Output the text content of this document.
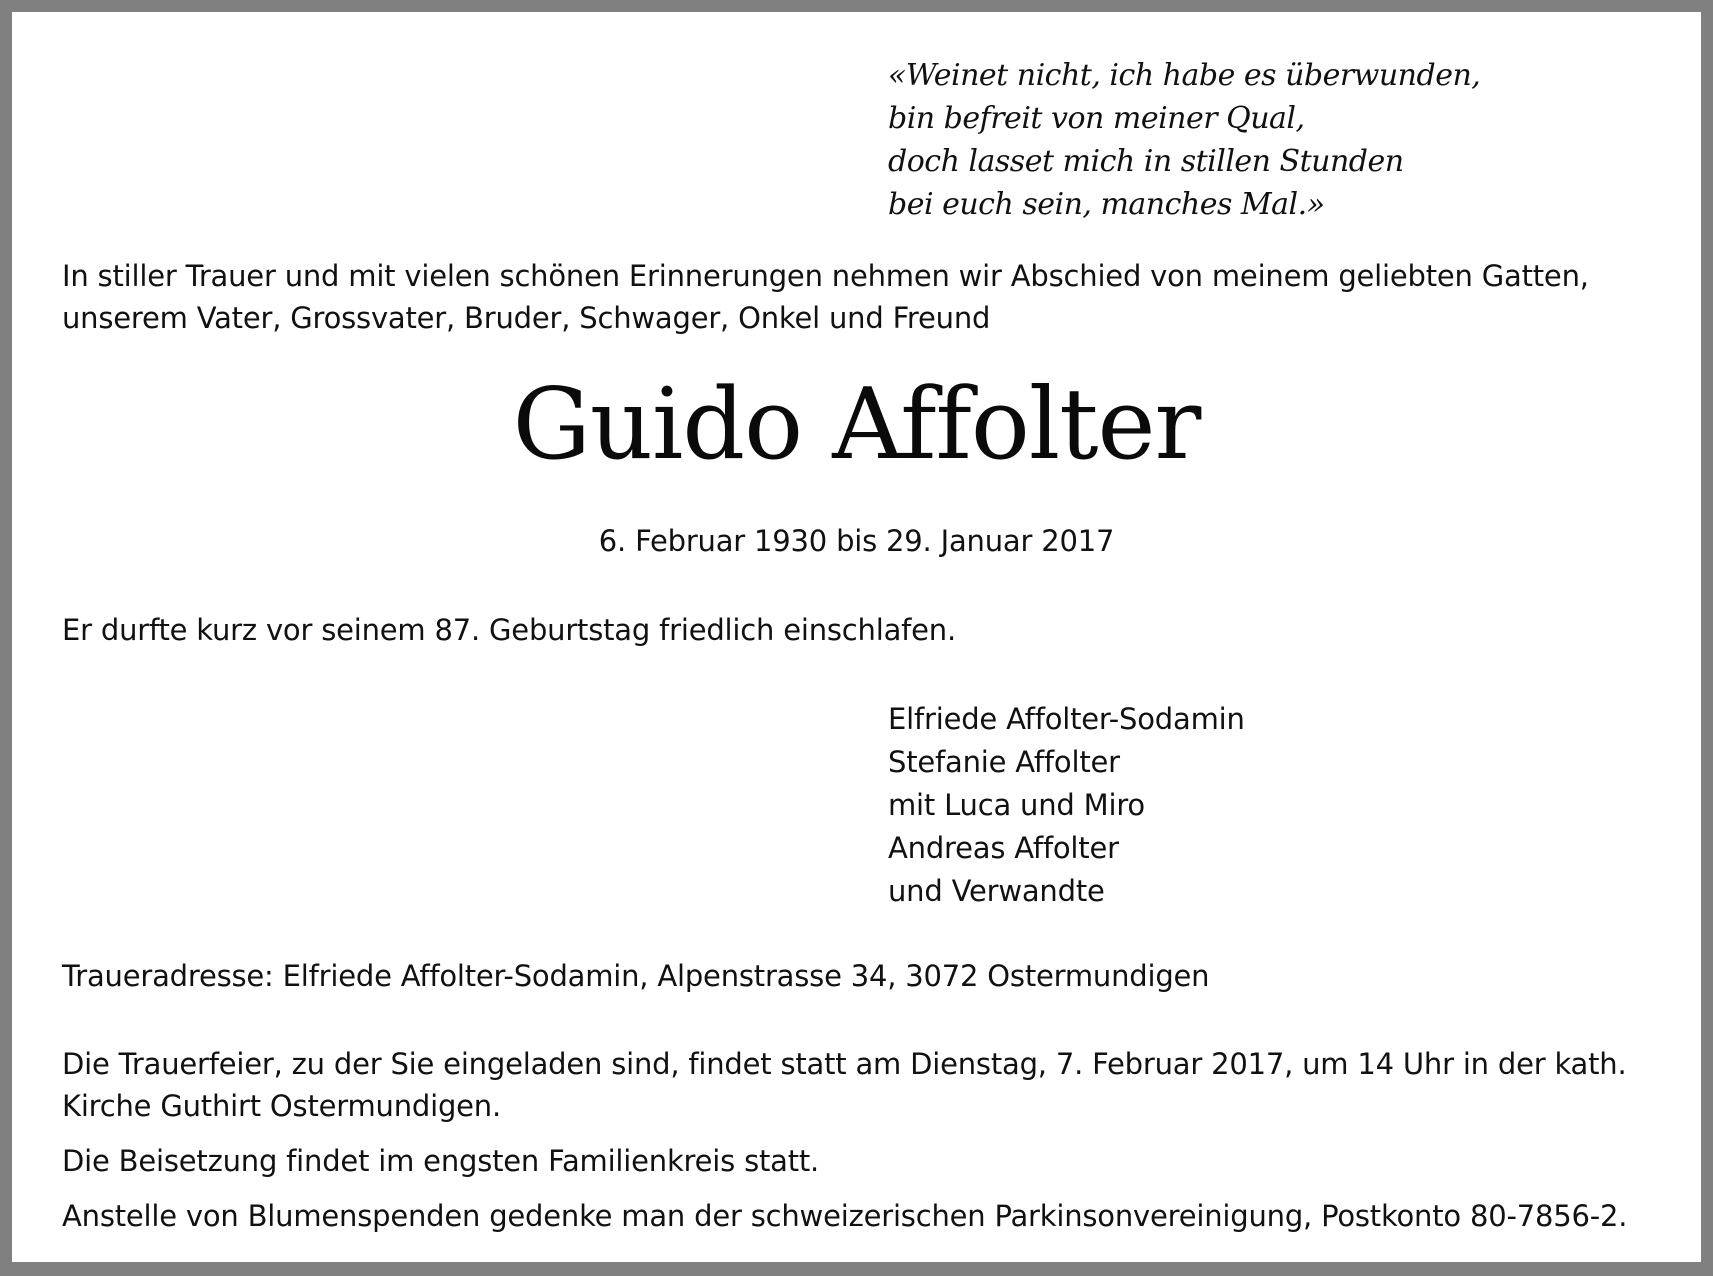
«Weinet nicht, ich habe es überwunden,
bin befreit von meiner Qual,
doch lasset mich in stillen Stunden
bei euch sein, manches Mal.»
In stiller Trauer und mit vielen schönen Erinnerungen nehmen wir Abschied von meinem geliebten Gatten,
unserem Vater, Grossvater, Bruder, Schwager, Onkel und Freund
Guido Affolter
6. Februar 1930 bis 29. Januar 2017
Er durfte kurz vor seinem 87. Geburtstag friedlich einschlafen.
Elfriede Affolter-Sodamin
Stefanie Affolter
mit Luca und Miro
Andreas Affolter
und Verwandte
Traueradresse: Elfriede Affolter-Sodamin, Alpenstrasse 34, 3072 Ostermundigen
Die Trauerfeier, zu der Sie eingeladen sind, findet statt am Dienstag, 7. Februar 2017, um 14 Uhr in der kath.
Kirche Guthirt Ostermundigen.
Die Beisetzung findet im engsten Familienkreis statt.
Anstelle von Blumenspenden gedenke man der schweizerischen Parkinsonvereinigung, Postkonto 80-7856-2.
